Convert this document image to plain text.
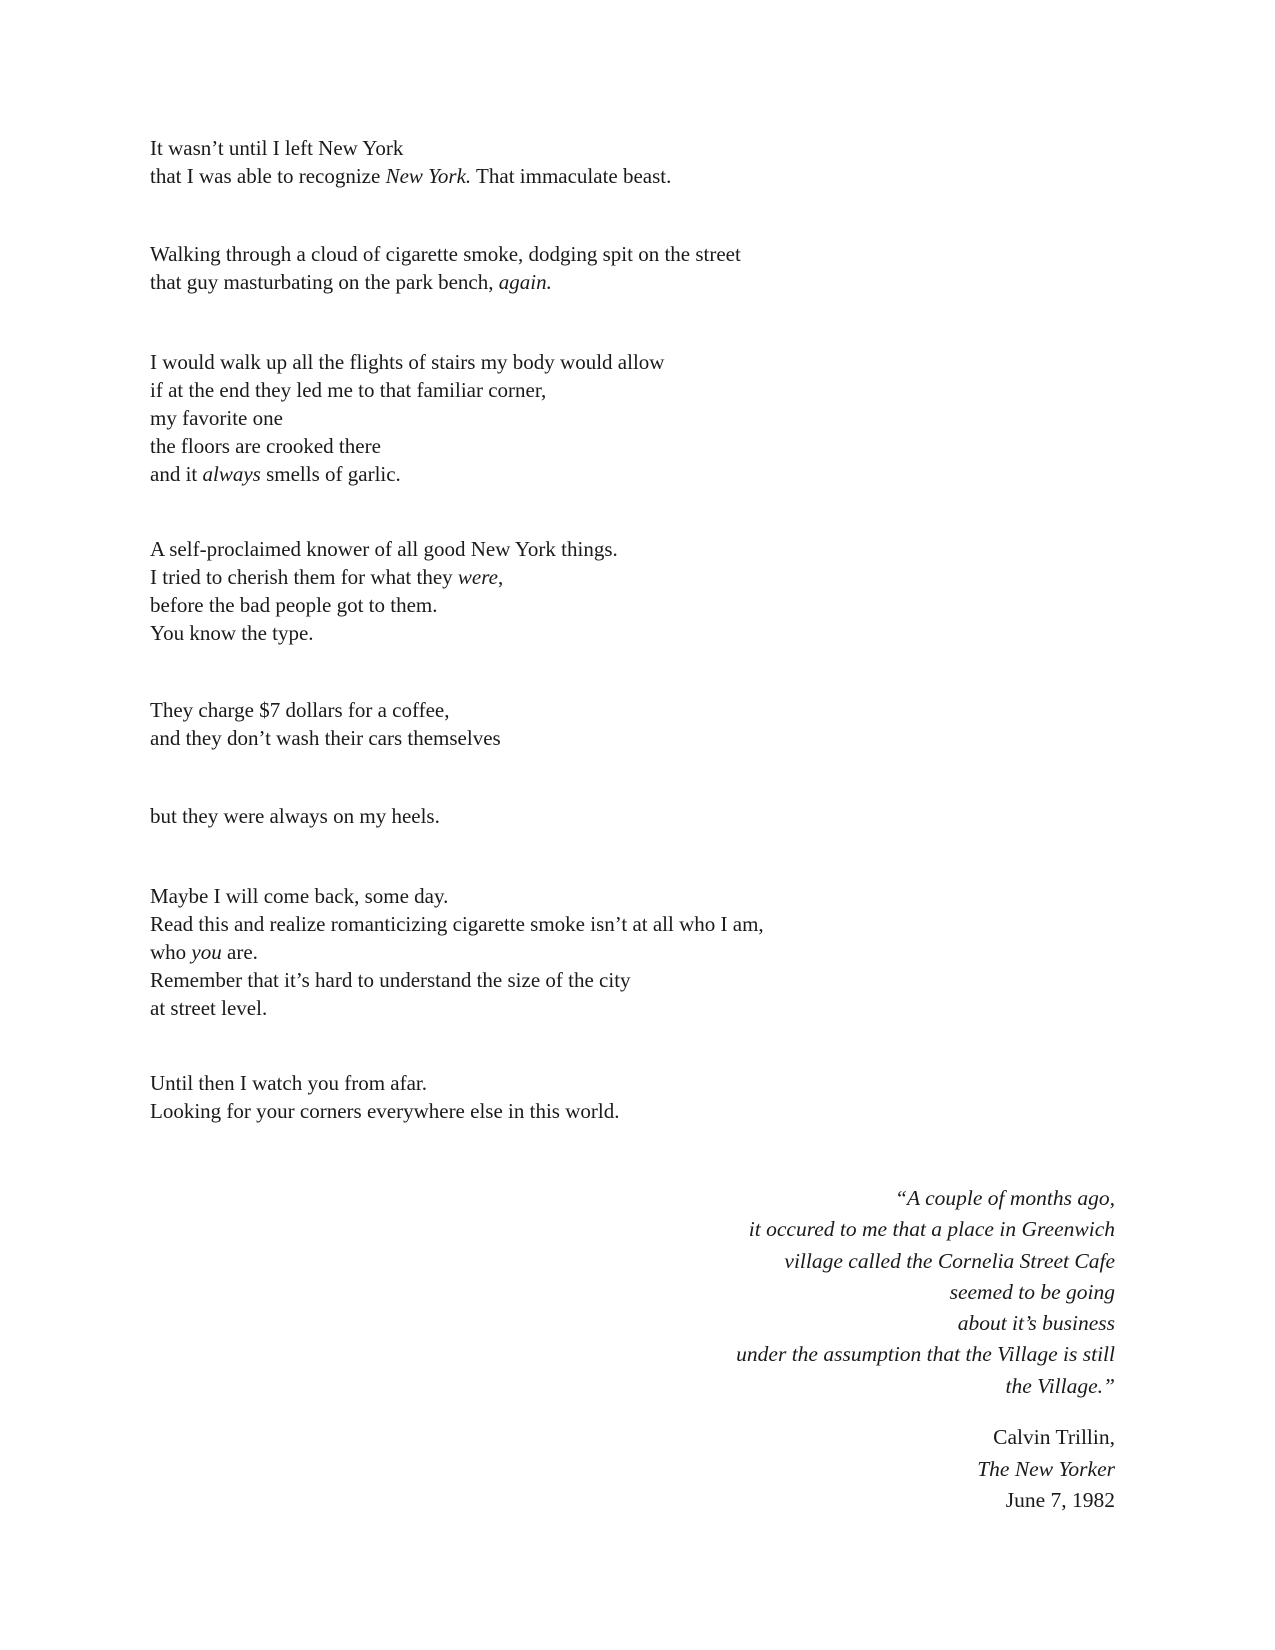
It wasn’t until I left New York
that I was able to recognize New York. That immaculate beast.
Walking through a cloud of cigarette smoke, dodging spit on the street
that guy masturbating on the park bench, again.
I would walk up all the flights of stairs my body would allow
if at the end they led me to that familiar corner,
my favorite one
the floors are crooked there
and it always smells of garlic.
A self-proclaimed knower of all good New York things.
I tried to cherish them for what they were,
before the bad people got to them.
You know the type.
They charge $7 dollars for a coffee,
and they don’t wash their cars themselves
but they were always on my heels.
Maybe I will come back, some day.
Read this and realize romanticizing cigarette smoke isn’t at all who I am,
who you are.
Remember that it’s hard to understand the size of the city
at street level.
Until then I watch you from afar.
Looking for your corners everywhere else in this world.
“A couple of months ago,
it occured to me that a place in Greenwich
village called the Cornelia Street Cafe
seemed to be going
about it’s business
under the assumption that the Village is still
the Village.”
Calvin Trillin,
The New Yorker
June 7, 1982
